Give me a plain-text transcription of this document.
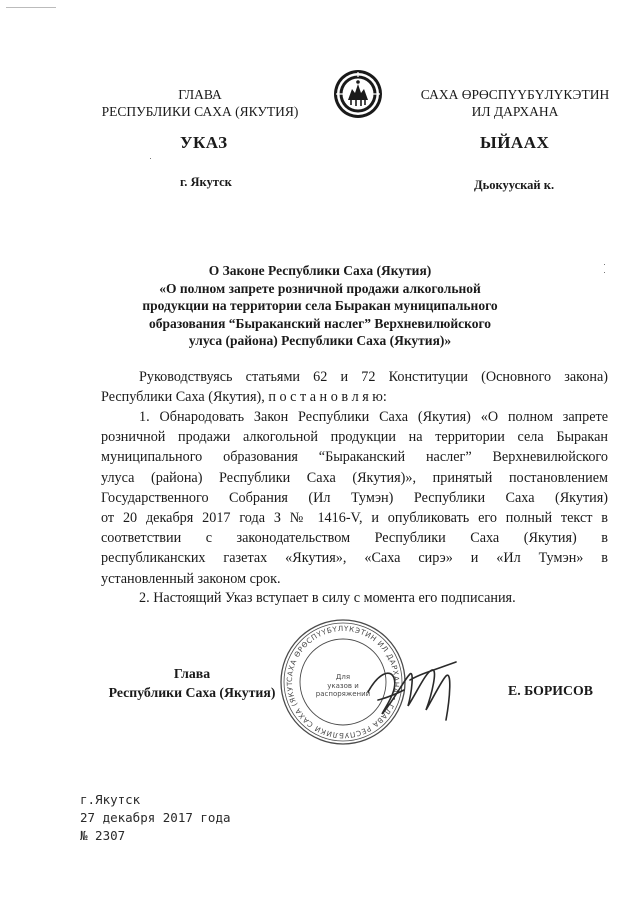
ГЛАВА
РЕСПУБЛИКИ САХА (ЯКУТИЯ)
САХА ӨРӨСПҮҮБҮЛҮКЭТИН
ИЛ ДАРХАНА
УКАЗ	ЫЙААХ
г. Якутск	Дьокуускай к.
О Законе Республики Саха (Якутия)
«О полном запрете розничной продажи алкогольной
продукции на территории села Быракан муниципального
образования “Быраканский наслег” Верхневилюйского
улуса (района) Республики Саха (Якутия)»
Руководствуясь статьями 62 и 72 Конституции (Основного закона)
Республики Саха (Якутия), п о с т а н о в л я ю:
1. Обнародовать Закон Республики Саха (Якутия) «О полном запрете
розничной продажи алкогольной продукции на территории села Быракан
муниципального образования “Быраканский наслег” Верхневилюйского
улуса (района) Республики Саха (Якутия)», принятый постановлением
Государственного Собрания (Ил Тумэн) Республики Саха (Якутия)
от 20 декабря 2017 года З № 1416-V, и опубликовать его полный текст в
соответствии с законодательством Республики Саха (Якутия) в
республиканских газетах «Якутия», «Саха сирэ» и «Ил Тумэн» в
установленный законом срок.
2. Настоящий Указ вступает в силу с момента его подписания.
САХА ӨРӨСПҮҮБҮЛҮКЭТИН ИЛ ДАРХАНА • ГЛАВА РЕСПУБЛИКИ САХА (ЯКУТ
Для
указов и
распоряжений
Глава
Республики Саха (Якутия)	Е. БОРИСОВ
г.Якутск
27 декабря 2017 года
№ 2307
